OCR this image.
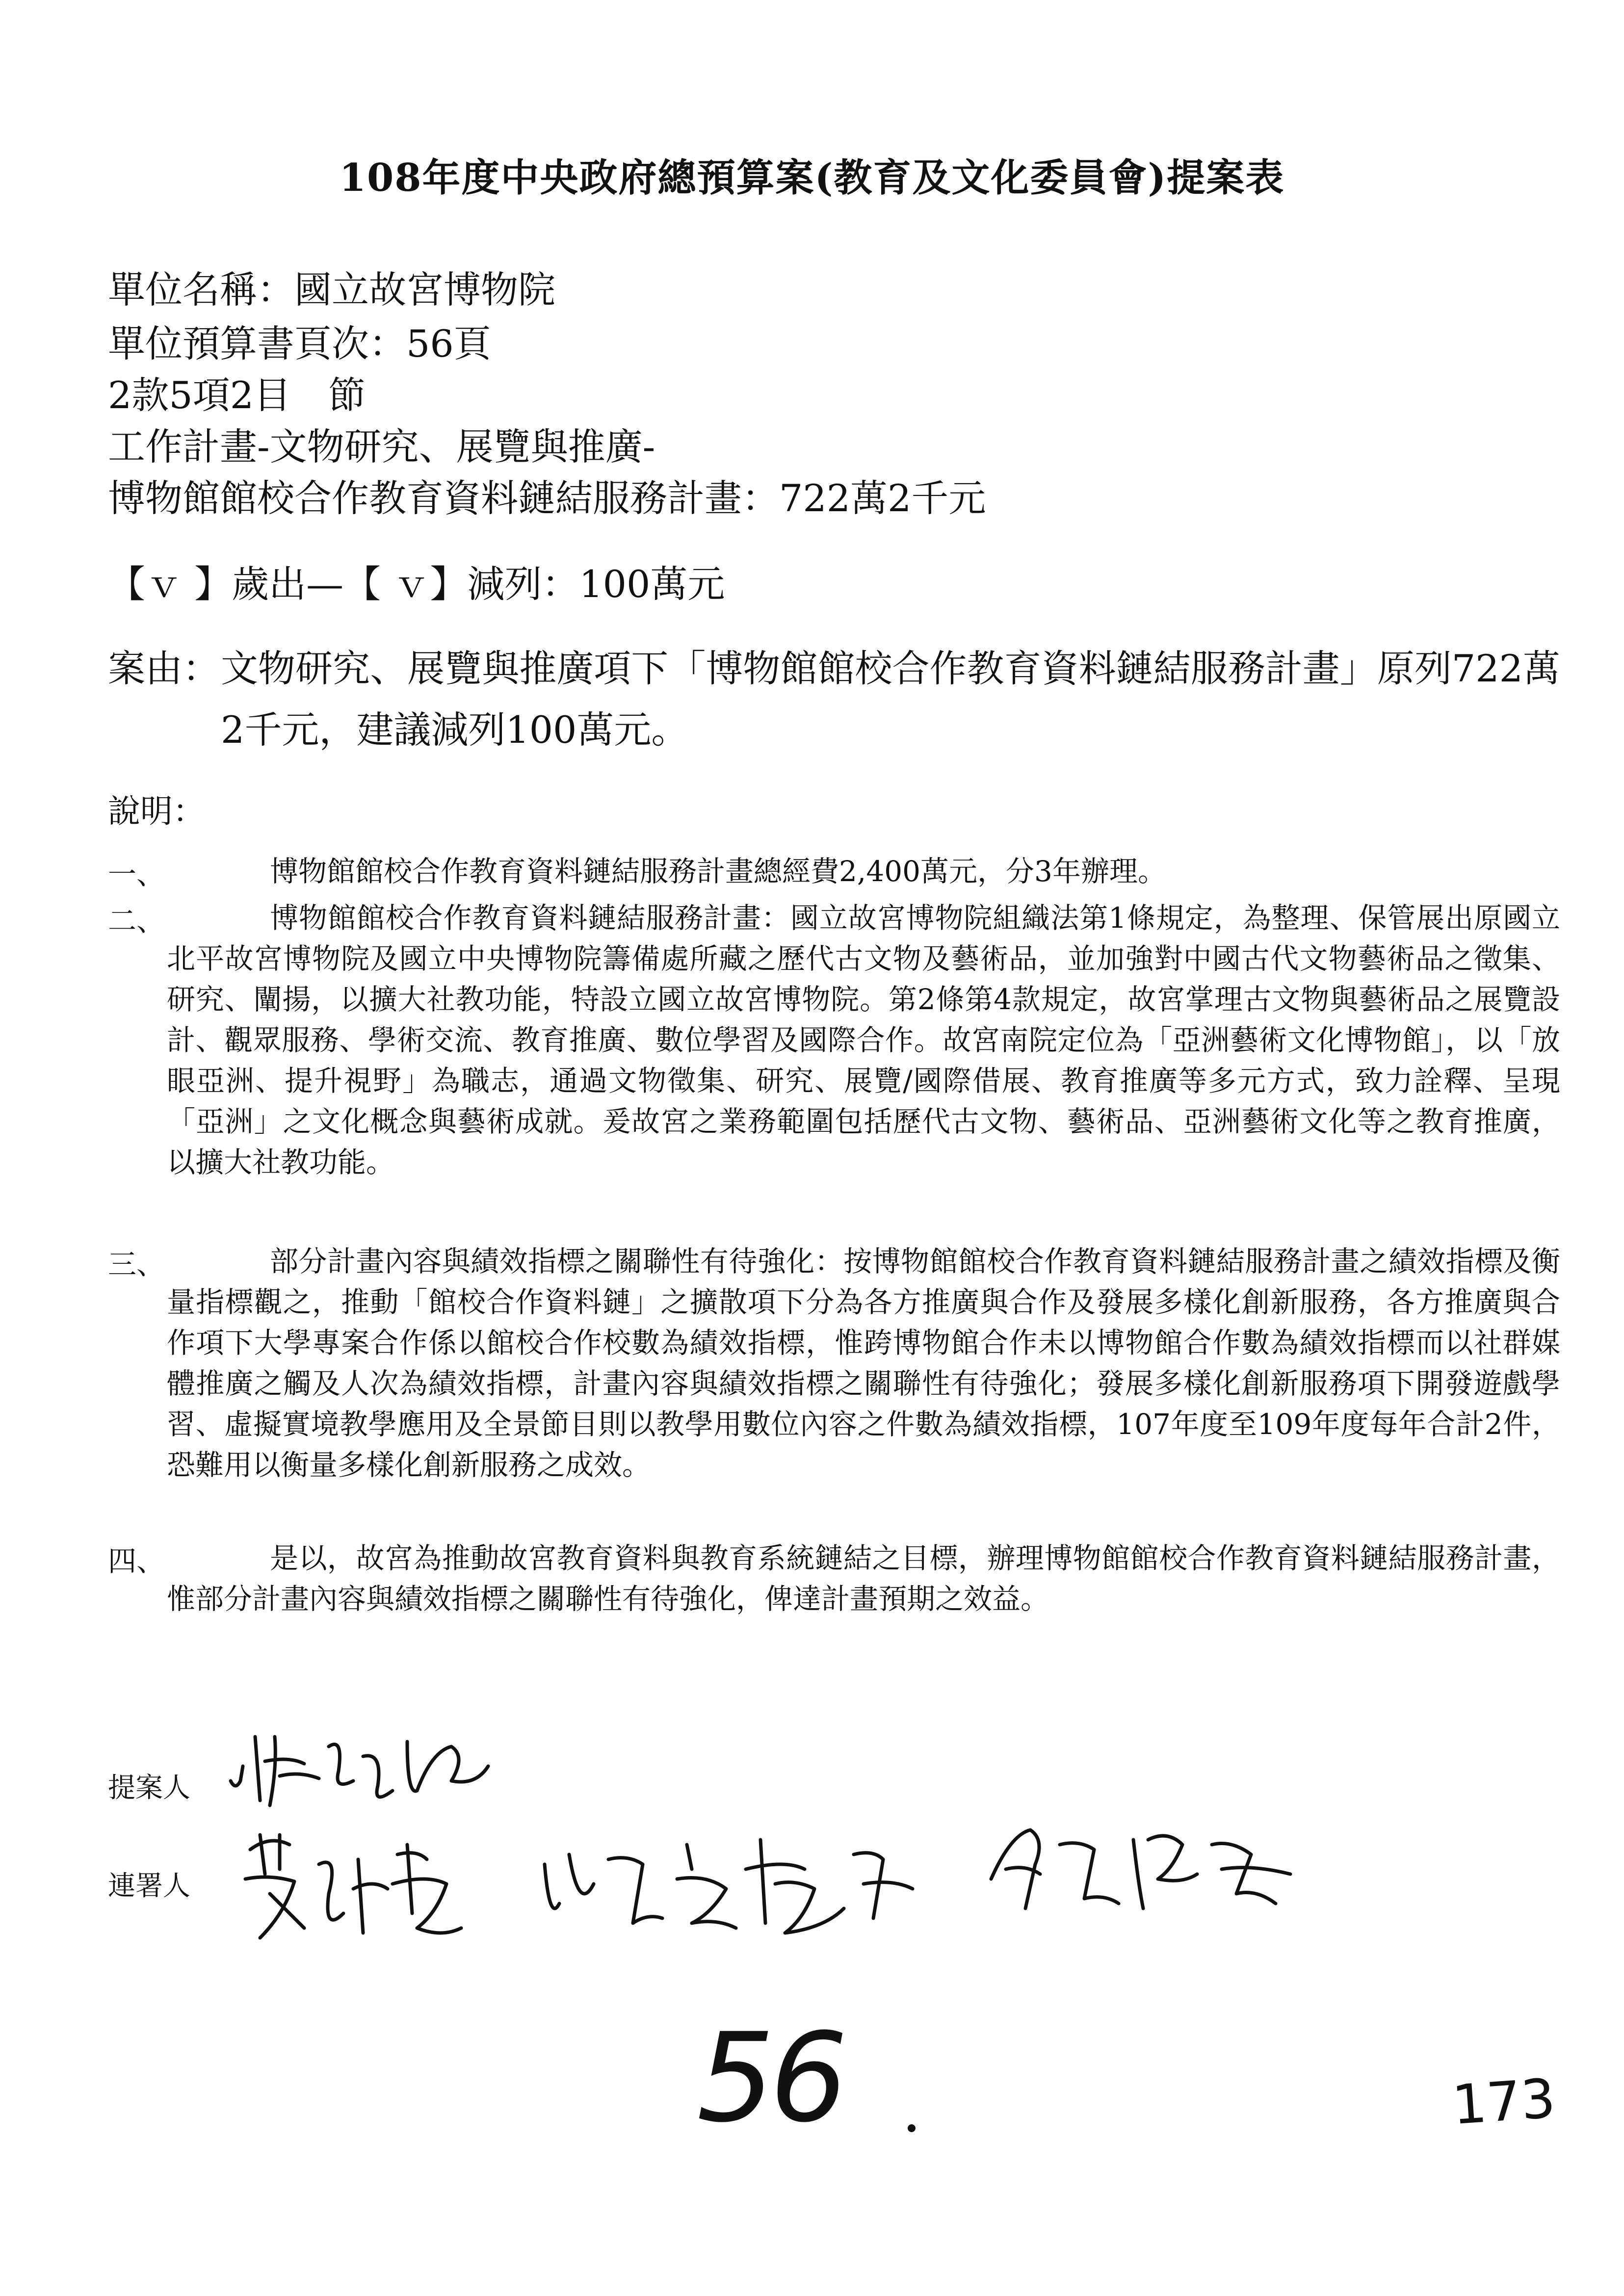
108年度中央政府總預算案(教育及文化委員會)提案表
單位名稱：國立故宮博物院
單位預算書頁次：56頁
2款5項2目　節
工作計畫-文物研究、展覽與推廣-
博物館館校合作教育資料鏈結服務計畫：722萬2千元
【ｖ 】歲出—【 ｖ】減列：100萬元
案由： 文物研究、展覽與推廣項下「博物館館校合作教育資料鏈結服務計畫」原列722萬2千元，建議減列100萬元。
說明：
一、	博物館館校合作教育資料鏈結服務計畫總經費2,400萬元，分3年辦理。
二、	博物館館校合作教育資料鏈結服務計畫：國立故宮博物院組織法第1條規定，為整理、保管展出原國立北平故宮博物院及國立中央博物院籌備處所藏之歷代古文物及藝術品，並加強對中國古代文物藝術品之徵集、研究、闡揚，以擴大社教功能，特設立國立故宮博物院。第2條第4款規定，故宮掌理古文物與藝術品之展覽設計、觀眾服務、學術交流、教育推廣、數位學習及國際合作。故宮南院定位為「亞洲藝術文化博物館」，以「放眼亞洲、提升視野」為職志，通過文物徵集、研究、展覽/國際借展、教育推廣等多元方式，致力詮釋、呈現「亞洲」之文化概念與藝術成就。爰故宮之業務範圍包括歷代古文物、藝術品、亞洲藝術文化等之教育推廣，以擴大社教功能。
三、	部分計畫內容與績效指標之關聯性有待強化：按博物館館校合作教育資料鏈結服務計畫之績效指標及衡量指標觀之，推動「館校合作資料鏈」之擴散項下分為各方推廣與合作及發展多樣化創新服務，各方推廣與合作項下大學專案合作係以館校合作校數為績效指標，惟跨博物館合作未以博物館合作數為績效指標而以社群媒體推廣之觸及人次為績效指標，計畫內容與績效指標之關聯性有待強化；發展多樣化創新服務項下開發遊戲學習、虛擬實境教學應用及全景節目則以教學用數位內容之件數為績效指標，107年度至109年度每年合計2件，恐難用以衡量多樣化創新服務之成效。
四、	是以，故宮為推動故宮教育資料與教育系統鏈結之目標，辦理博物館館校合作教育資料鏈結服務計畫，惟部分計畫內容與績效指標之關聯性有待強化，俾達計畫預期之效益。
提案人
連署人
56	173
